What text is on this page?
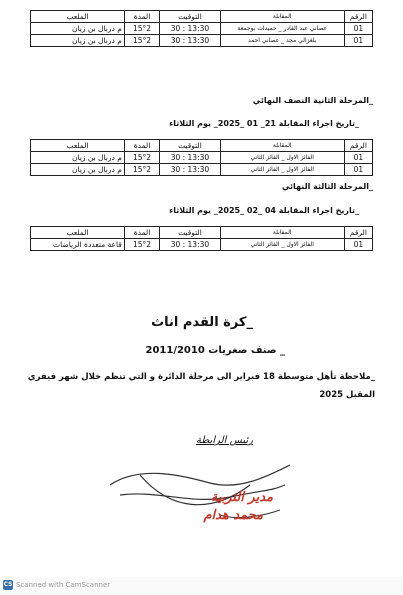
الرقم	المقابلة	التوقيت	المدة	الملعب
01	عصاني عبد القادر _ حميدات بوجمعة	13:30 : 30	15°2	م دربال بن زيان
01	بلغزالي مجد _ عصاني احمد	13:30 : 30	15°2	م دربال بن زيان
_المرحلة الثانية النصف النهائي
_تاريخ اجراء المقابلة 21_ 01 _2025_ يوم الثلاثاء
الرقم	المقابلة	التوقيت	المدة	الملعب
01	الفائز الاول _ الفائز الثاني	13:30 : 30	15°2	م دربال بن زيان
01	الفائز الاول _ الفائز الثاني	13:30 : 30	15°2	م دربال بن زيان
_المرحلة الثالثة النهائي
_تاريخ اجراء المقابلة 04 _02 _2025_ يوم الثلاثاء
الرقم	المقابلة	التوقيت	المدة	الملعب
01	الفائز الاول _ الفائز الثاني	13:30 : 30	15°2	قاعة متعددة الرياضات
_كرة القدم اناث
_ صنف صغريات 2011/2010
_ملاحظة تأهل متوسطة 18 فبراير الى مرحلة الدائرة و التي تنظم خلال شهر فيفري
المقبل 2025
رئيس الرابطة
مدير التربية
محمد هدام
CS Scanned with CamScanner
